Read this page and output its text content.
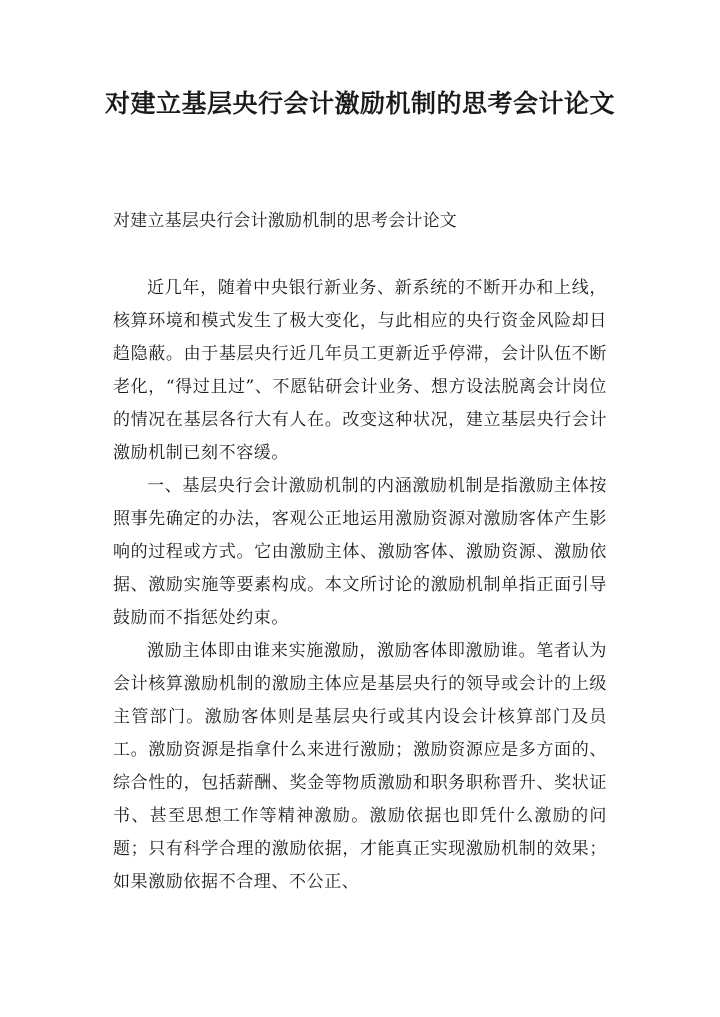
对建立基层央行会计激励机制的思考会计论文
对建立基层央行会计激励机制的思考会计论文

近几年，随着中央银行新业务、新系统的不断开办和上线，核算环境和模式发生了极大变化，与此相应的央行资金风险却日趋隐蔽。由于基层央行近几年员工更新近乎停滞，会计队伍不断老化，“得过且过”、不愿钻研会计业务、想方设法脱离会计岗位的情况在基层各行大有人在。改变这种状况，建立基层央行会计激励机制已刻不容缓。

一、基层央行会计激励机制的内涵激励机制是指激励主体按照事先确定的办法，客观公正地运用激励资源对激励客体产生影响的过程或方式。它由激励主体、激励客体、激励资源、激励依据、激励实施等要素构成。本文所讨论的激励机制单指正面引导鼓励而不指惩处约束。

激励主体即由谁来实施激励，激励客体即激励谁。笔者认为会计核算激励机制的激励主体应是基层央行的领导或会计的上级主管部门。激励客体则是基层央行或其内设会计核算部门及员工。激励资源是指拿什么来进行激励；激励资源应是多方面的、综合性的，包括薪酬、奖金等物质激励和职务职称晋升、奖状证书、甚至思想工作等精神激励。激励依据也即凭什么激励的问题；只有科学合理的激励依据，才能真正实现激励机制的效果；如果激励依据不合理、不公正、
